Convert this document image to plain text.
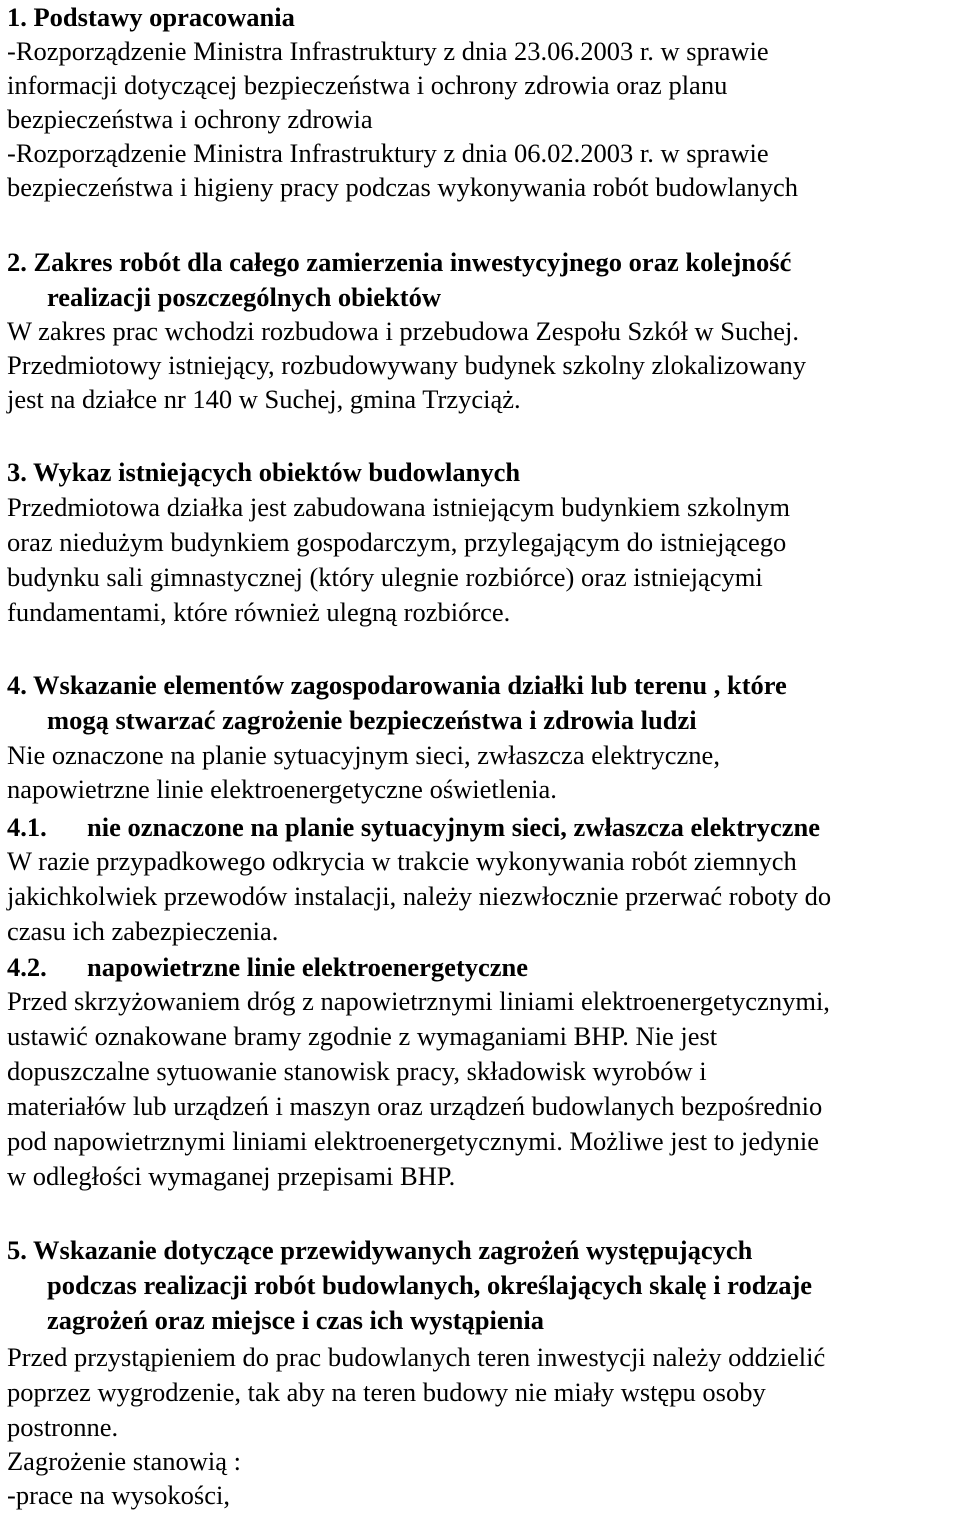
1. Podstawy opracowania

-Rozporządzenie Ministra Infrastruktury z dnia 23.06.2003 r. w sprawie

informacji dotyczącej bezpieczeństwa i ochrony zdrowia oraz planu

bezpieczeństwa i ochrony zdrowia

-Rozporządzenie Ministra Infrastruktury z dnia 06.02.2003 r. w sprawie

bezpieczeństwa i higieny pracy podczas wykonywania robót budowlanych

2. Zakres robót dla całego zamierzenia inwestycyjnego oraz kolejność

realizacji poszczególnych obiektów

W zakres prac wchodzi rozbudowa i przebudowa Zespołu Szkół w Suchej.

Przedmiotowy istniejący, rozbudowywany budynek szkolny zlokalizowany

jest na działce nr 140 w Suchej, gmina Trzyciąż.

3. Wykaz istniejących obiektów budowlanych

Przedmiotowa działka jest zabudowana istniejącym budynkiem szkolnym

oraz niedużym budynkiem gospodarczym, przylegającym do istniejącego

budynku sali gimnastycznej (który ulegnie rozbiórce) oraz istniejącymi

fundamentami, które również ulegną rozbiórce.

4. Wskazanie elementów zagospodarowania działki lub terenu , które

mogą stwarzać zagrożenie bezpieczeństwa i zdrowia ludzi

Nie oznaczone na planie sytuacyjnym sieci, zwłaszcza elektryczne,

napowietrzne linie elektroenergetyczne oświetlenia.

4.1. nie oznaczone na planie sytuacyjnym sieci, zwłaszcza elektryczne

W razie przypadkowego odkrycia w trakcie wykonywania robót ziemnych

jakichkolwiek przewodów instalacji, należy niezwłocznie przerwać roboty do

czasu ich zabezpieczenia.

4.2. napowietrzne linie elektroenergetyczne

Przed skrzyżowaniem dróg z napowietrznymi liniami elektroenergetycznymi,

ustawić oznakowane bramy zgodnie z wymaganiami BHP. Nie jest

dopuszczalne sytuowanie stanowisk pracy, składowisk wyrobów i

materiałów lub urządzeń i maszyn oraz urządzeń budowlanych bezpośrednio

pod napowietrznymi liniami elektroenergetycznymi. Możliwe jest to jedynie

w odległości wymaganej przepisami BHP.

5. Wskazanie dotyczące przewidywanych zagrożeń występujących

podczas realizacji robót budowlanych, określających skalę i rodzaje

zagrożeń oraz miejsce i czas ich wystąpienia

Przed przystąpieniem do prac budowlanych teren inwestycji należy oddzielić

poprzez wygrodzenie, tak aby na teren budowy nie miały wstępu osoby

postronne.

Zagrożenie stanowią :

-prace na wysokości,
